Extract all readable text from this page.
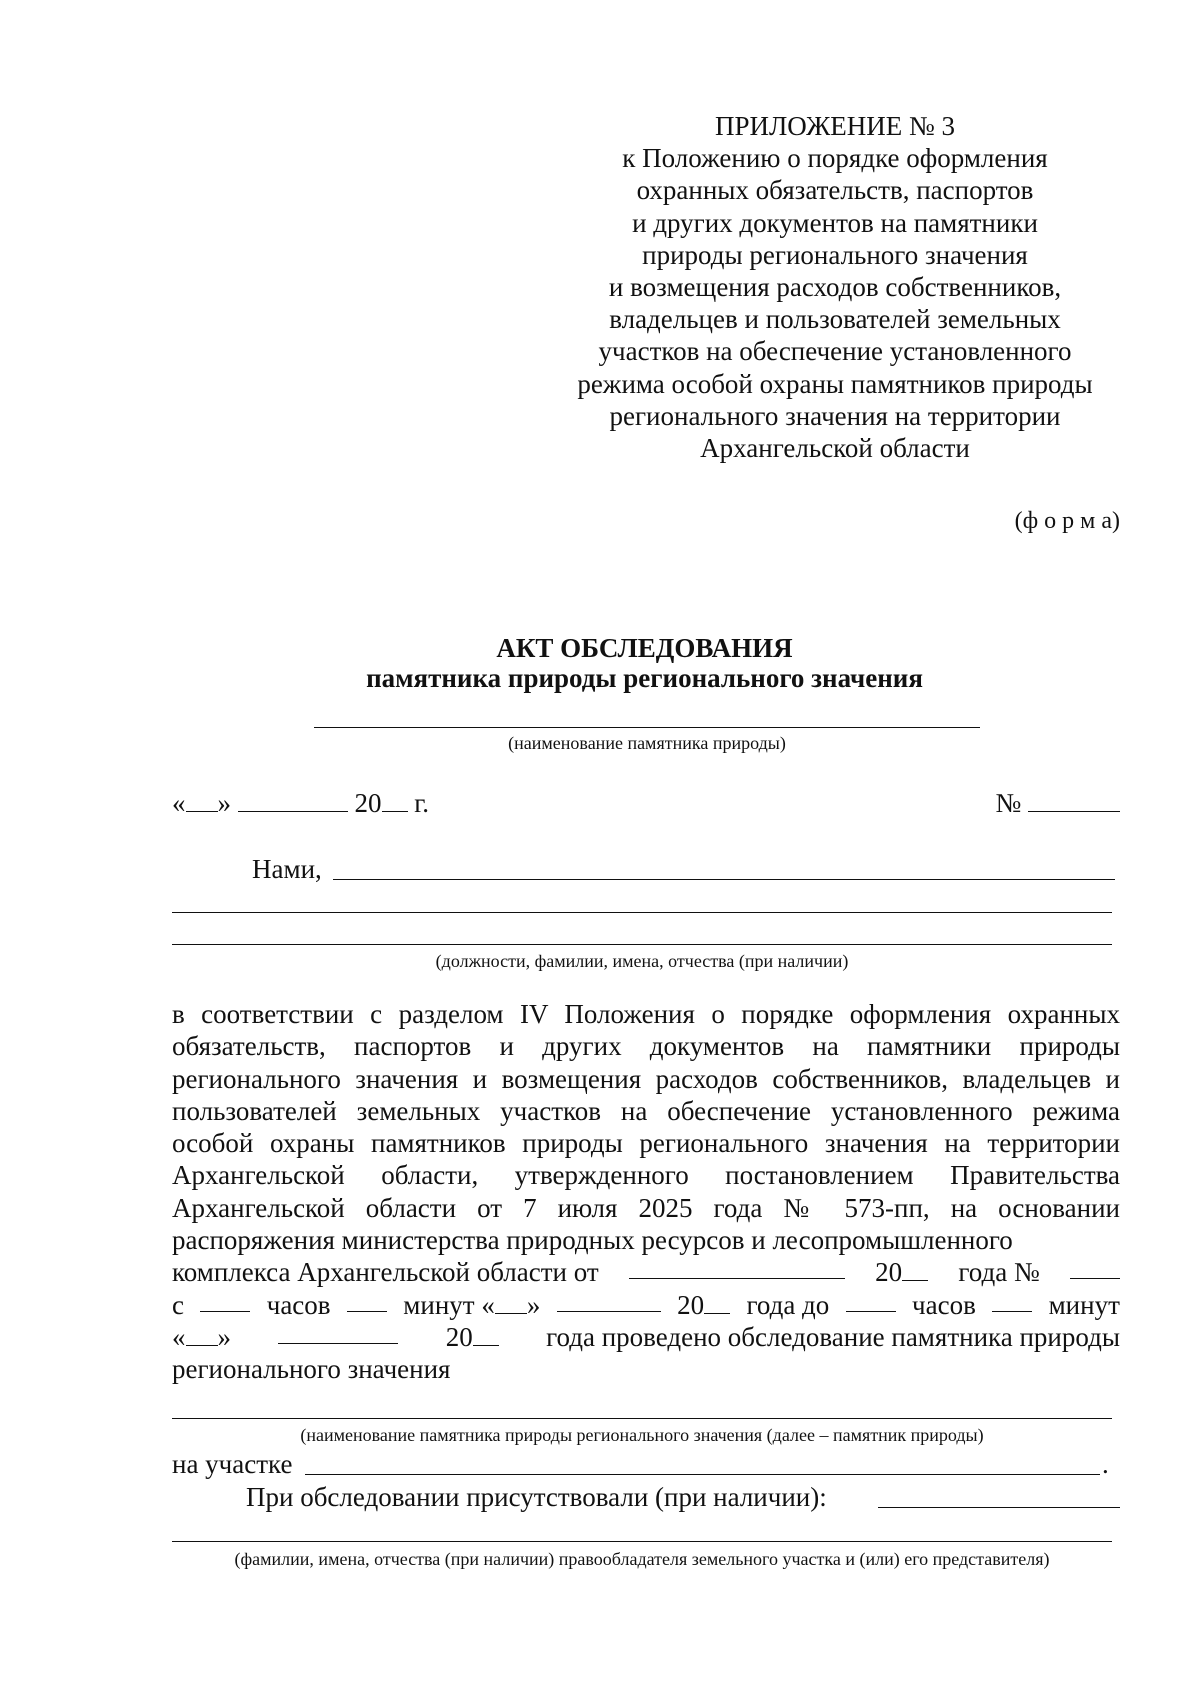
ПРИЛОЖЕНИЕ № 3
к Положению о порядке оформления
охранных обязательств, паспортов
и других документов на памятники
природы регионального значения
и возмещения расходов собственников,
владельцев и пользователей земельных
участков на обеспечение установленного
режима особой охраны памятников природы
регионального значения на территории
Архангельской области
(ф о р м а)
АКТ ОБСЛЕДОВАНИЯ
памятника природы регионального значения
(наименование памятника природы)
« »	20 г.	№
Нами,
(должности, фамилии, имена, отчества (при наличии)

в соответствии с разделом IV Положения о порядке оформления охранных обязательств, паспортов и других документов на памятники природы регионального значения и возмещения расходов собственников, владельцев и пользователей земельных участков на обеспечение установленного режима особой охраны памятников природы регионального значения на территории Архангельской области, утвержденного постановлением Правительства Архангельской области от 7 июля 2025 года № 573-пп, на основании распоряжения министерства природных ресурсов и лесопромышленного

комплекса Архангельской области от	20	года №
с	часов	минут « »	20	года до	часов	минут
« »	20	года проведено обследование памятника природы
регионального значения
(наименование памятника природы регионального значения (далее – памятник природы)
на участке	.
При обследовании присутствовали (при наличии):
(фамилии, имена, отчества (при наличии) правообладателя земельного участка и (или) его представителя)
